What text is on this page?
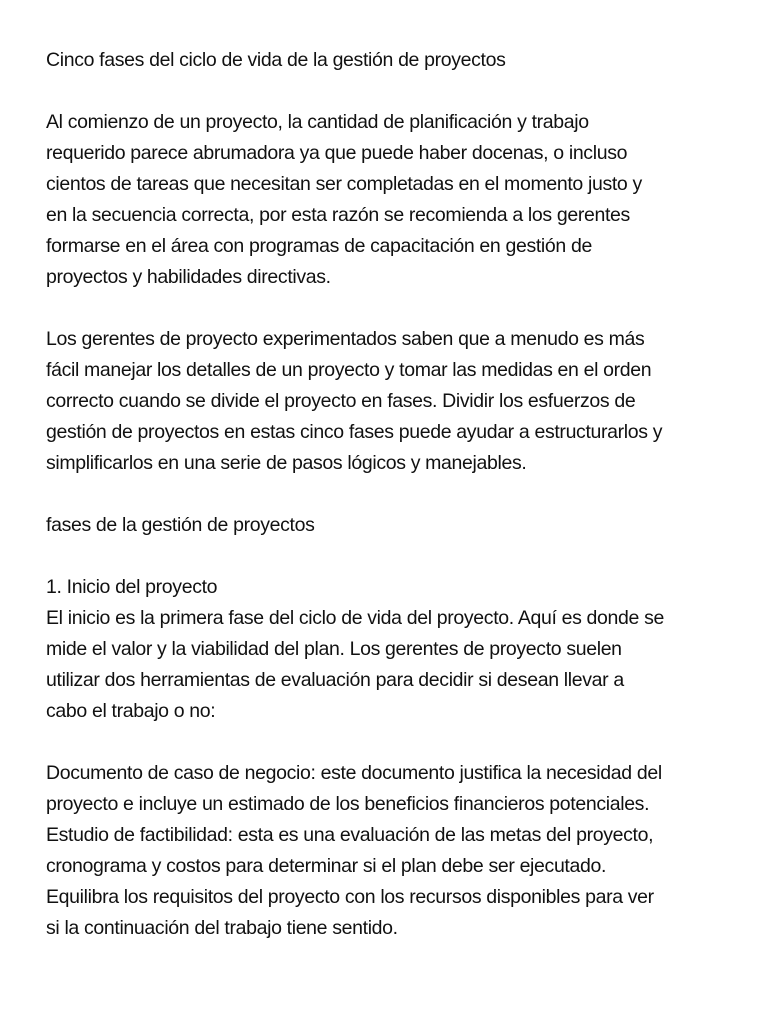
Cinco fases del ciclo de vida de la gestión de proyectos
Al comienzo de un proyecto, la cantidad de planificación y trabajo
requerido parece abrumadora ya que puede haber docenas, o incluso
cientos de tareas que necesitan ser completadas en el momento justo y
en la secuencia correcta, por esta razón se recomienda a los gerentes
formarse en el área con programas de capacitación en gestión de
proyectos y habilidades directivas.
Los gerentes de proyecto experimentados saben que a menudo es más
fácil manejar los detalles de un proyecto y tomar las medidas en el orden
correcto cuando se divide el proyecto en fases. Dividir los esfuerzos de
gestión de proyectos en estas cinco fases puede ayudar a estructurarlos y
simplificarlos en una serie de pasos lógicos y manejables.
fases de la gestión de proyectos
1. Inicio del proyecto
El inicio es la primera fase del ciclo de vida del proyecto. Aquí es donde se
mide el valor y la viabilidad del plan. Los gerentes de proyecto suelen
utilizar dos herramientas de evaluación para decidir si desean llevar a
cabo el trabajo o no:
Documento de caso de negocio: este documento justifica la necesidad del
proyecto e incluye un estimado de los beneficios financieros potenciales.
Estudio de factibilidad: esta es una evaluación de las metas del proyecto,
cronograma y costos para determinar si el plan debe ser ejecutado.
Equilibra los requisitos del proyecto con los recursos disponibles para ver
si la continuación del trabajo tiene sentido.
